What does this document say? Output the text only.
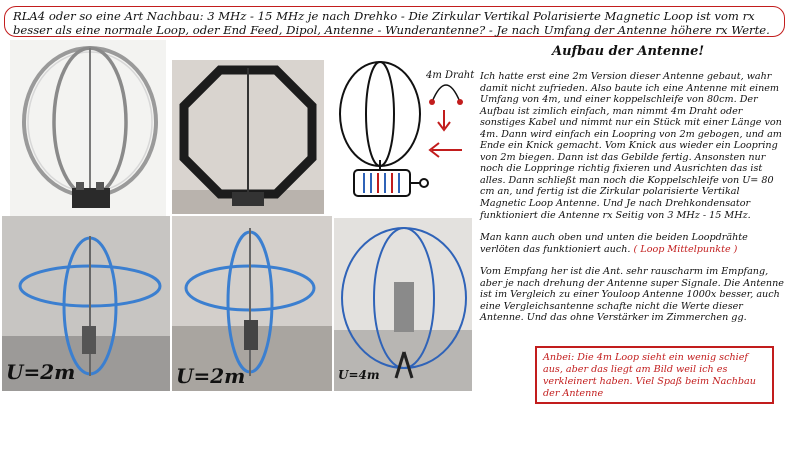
RLA4 oder so eine Art Nachbau: 3 MHz - 15 MHz je nach Drehko - Die Zirkular Vertikal Polarisierte Magnetic Loop ist vom rx besser als eine normale Loop, oder End Feed, Dipol, Antenne - Wunderantenne? - Je nach Umfang der Antenne höhere rx Werte.
U=2m	U=2m	U=4m
4m Draht
Aufbau der Antenne!

Ich hatte erst eine 2m Version dieser Antenne gebaut, wahr damit nicht zufrieden. Also baute ich eine Antenne mit einem Umfang von 4m, und einer koppelschleife von 80cm. Der Aufbau ist zimlich einfach, man nimmt 4m Draht oder sonstiges Kabel und nimmt nur ein Stück mit einer Länge von 4m. Dann wird einfach ein Loopring von 2m gebogen, und am Ende ein Knick gemacht. Vom Knick aus wieder ein Loopring von 2m biegen. Dann ist das Gebilde fertig. Ansonsten nur noch die Loppringe richtig fixieren und Ausrichten das ist alles. Dann schließt man noch die Koppelschleife von U= 80 cm an, und fertig ist die Zirkular polarisierte Vertikal Magnetic Loop Antenne. Und Je nach Drehkondensator funktioniert die Antenne rx Seitig von 3 MHz - 15 MHz.

Man kann auch oben und unten die beiden Loopdrähte verlöten das funktioniert auch. ( Loop Mittelpunkte )

Vom Empfang her ist die Ant. sehr rauscharm im Empfang, aber je nach drehung der Antenne super Signale. Die Antenne ist im Vergleich zu einer Youloop Antenne 1000x besser, auch eine Vergleichsantenne schafte nicht die Werte dieser Antenne. Und das ohne Verstärker im Zimmerchen gg.

Anbei: Die 4m Loop sieht ein wenig schief aus, aber das liegt am Bild weil ich es verkleinert haben. Viel Spaß beim Nachbau der Antenne
